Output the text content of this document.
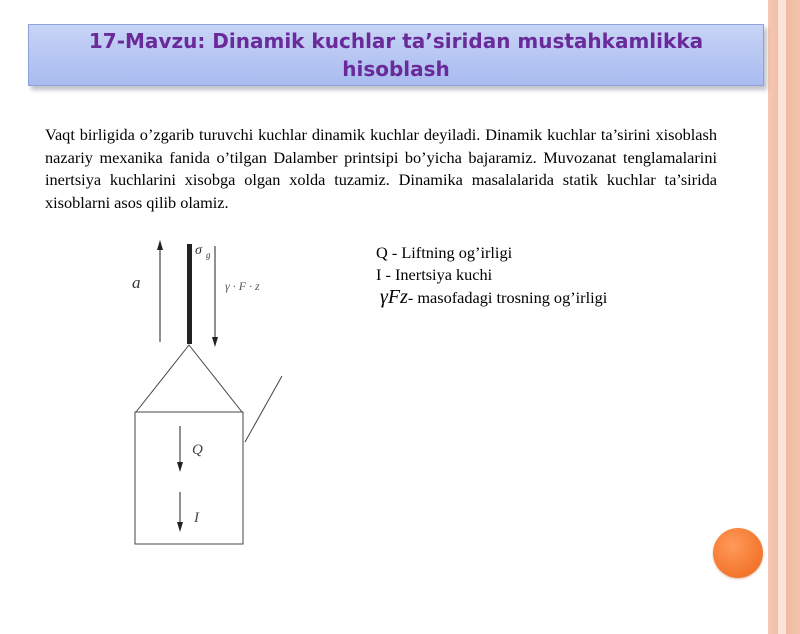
17-Mavzu: Dinamik kuchlar ta’siridan mustahkamlikka hisoblash
Vaqt birligida o’zgarib turuvchi kuchlar dinamik kuchlar deyiladi. Dinamik kuchlar ta’sirini xisoblash nazariy mexanika fanida o’tilgan Dalamber printsipi bo’yicha bajaramiz. Muvozanat tenglamalarini inertsiya kuchlarini xisobga olgan xolda tuzamiz. Dinamika masalalarida statik kuchlar ta’sirida xisoblarni asos qilib olamiz.
a
σ g
γ · F · z
Q
I
Q - Liftning og’irligi
I - Inertsiya kuchi
γFz- masofadagi trosning og’irligi
